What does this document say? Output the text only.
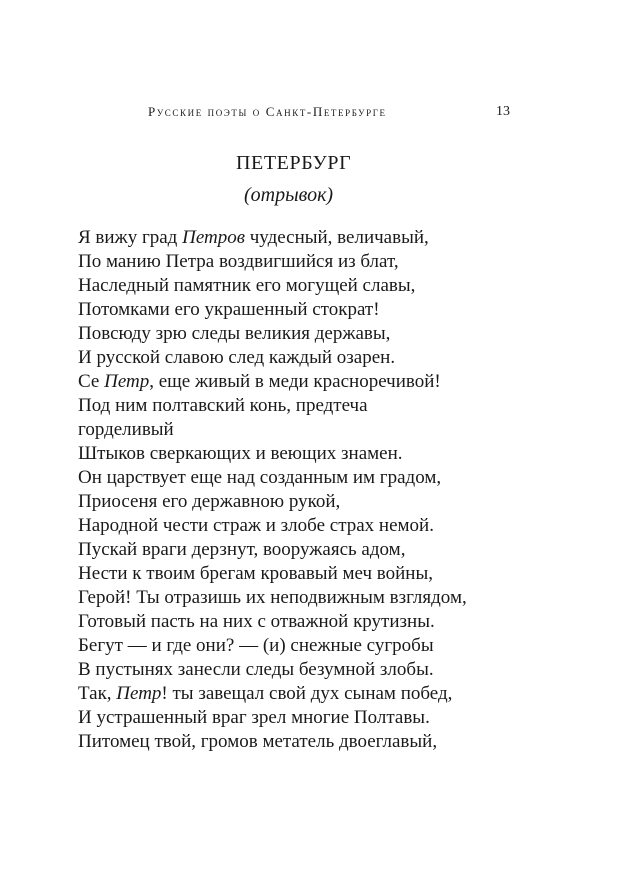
Русские поэты о Санкт-Петербурге	13
ПЕТЕРБУРГ
(отрывок)
Я вижу град Петров чудесный, величавый,
По манию Петра воздвигшийся из блат,
Наследный памятник его могущей славы,
Потомками его украшенный стократ!
Повсюду зрю следы великия державы,
И русской славою след каждый озарен.
Се Петр, еще живый в меди красноречивой!
Под ним полтавский конь, предтеча
горделивый
Штыков сверкающих и веющих знамен.
Он царствует еще над созданным им градом,
Приосеня его державною рукой,
Народной чести страж и злобе страх немой.
Пускай враги дерзнут, вооружаясь адом,
Нести к твоим брегам кровавый меч войны,
Герой! Ты отразишь их неподвижным взглядом,
Готовый пасть на них с отважной крутизны.
Бегут — и где они? — (и) снежные сугробы
В пустынях занесли следы безумной злобы.
Так, Петр! ты завещал свой дух сынам побед,
И устрашенный враг зрел многие Полтавы.
Питомец твой, громов метатель двоеглавый,
